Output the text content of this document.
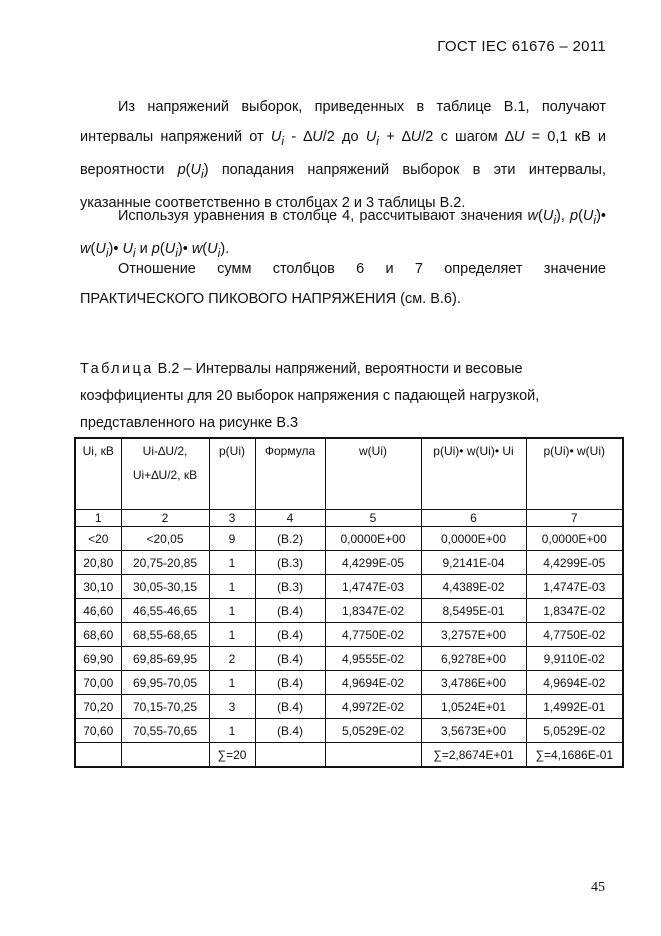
ГОСТ IEC 61676 – 2011

Из напряжений выборок, приведенных в таблице В.1, получают интервалы напряжений от $U_i - \Delta U/2$ до $U_i + \Delta U/2$ с шагом ∆U = 0,1 кВ и вероятности $p(U_i)$ попадания напряжений выборок в эти интервалы, указанные соответственно в столбцах 2 и 3 таблицы В.2.

Используя уравнения в столбце 4, рассчитывают значения $w(U_i)$, $p(U_i)•$ $w(U_i)•$ $U_i$ и $p(U_i)•$ $w(U_i)$.

Отношение сумм столбцов 6 и 7 определяет значение ПРАКТИЧЕСКОГО ПИКОВОГО НАПРЯЖЕНИЯ (см. В.6).

Таблица В.2 – Интервалы напряжений, вероятности и весовые коэффициенты для 20 выборок напряжения с падающей нагрузкой, представленного на рисунке В.3
Ui, кВ	Ui-∆U/2, Ui+∆U/2, кВ	p(Ui)	Формула	w(Ui)	p(Ui)• w(Ui)• Ui	p(Ui)• w(Ui)
1	2	3	4	5	6	7
<20	<20,05	9	(В.2)	0,0000E+00	0,0000E+00	0,0000E+00
20,80	20,75-20,85	1	(В.3)	4,4299E-05	9,2141E-04	4,4299E-05
30,10	30,05-30,15	1	(В.3)	1,4747E-03	4,4389E-02	1,4747E-03
46,60	46,55-46,65	1	(В.4)	1,8347E-02	8,5495E-01	1,8347E-02
68,60	68,55-68,65	1	(В.4)	4,7750E-02	3,2757E+00	4,7750E-02
69,90	69,85-69,95	2	(В.4)	4,9555E-02	6,9278E+00	9,9110E-02
70,00	69,95-70,05	1	(В.4)	4,9694E-02	3,4786E+00	4,9694E-02
70,20	70,15-70,25	3	(В.4)	4,9972E-02	1,0524E+01	1,4992E-01
70,60	70,55-70,65	1	(В.4)	5,0529E-02	3,5673E+00	5,0529E-02
		∑=20			∑=2,8674E+01	∑=4,1686E-01
45
